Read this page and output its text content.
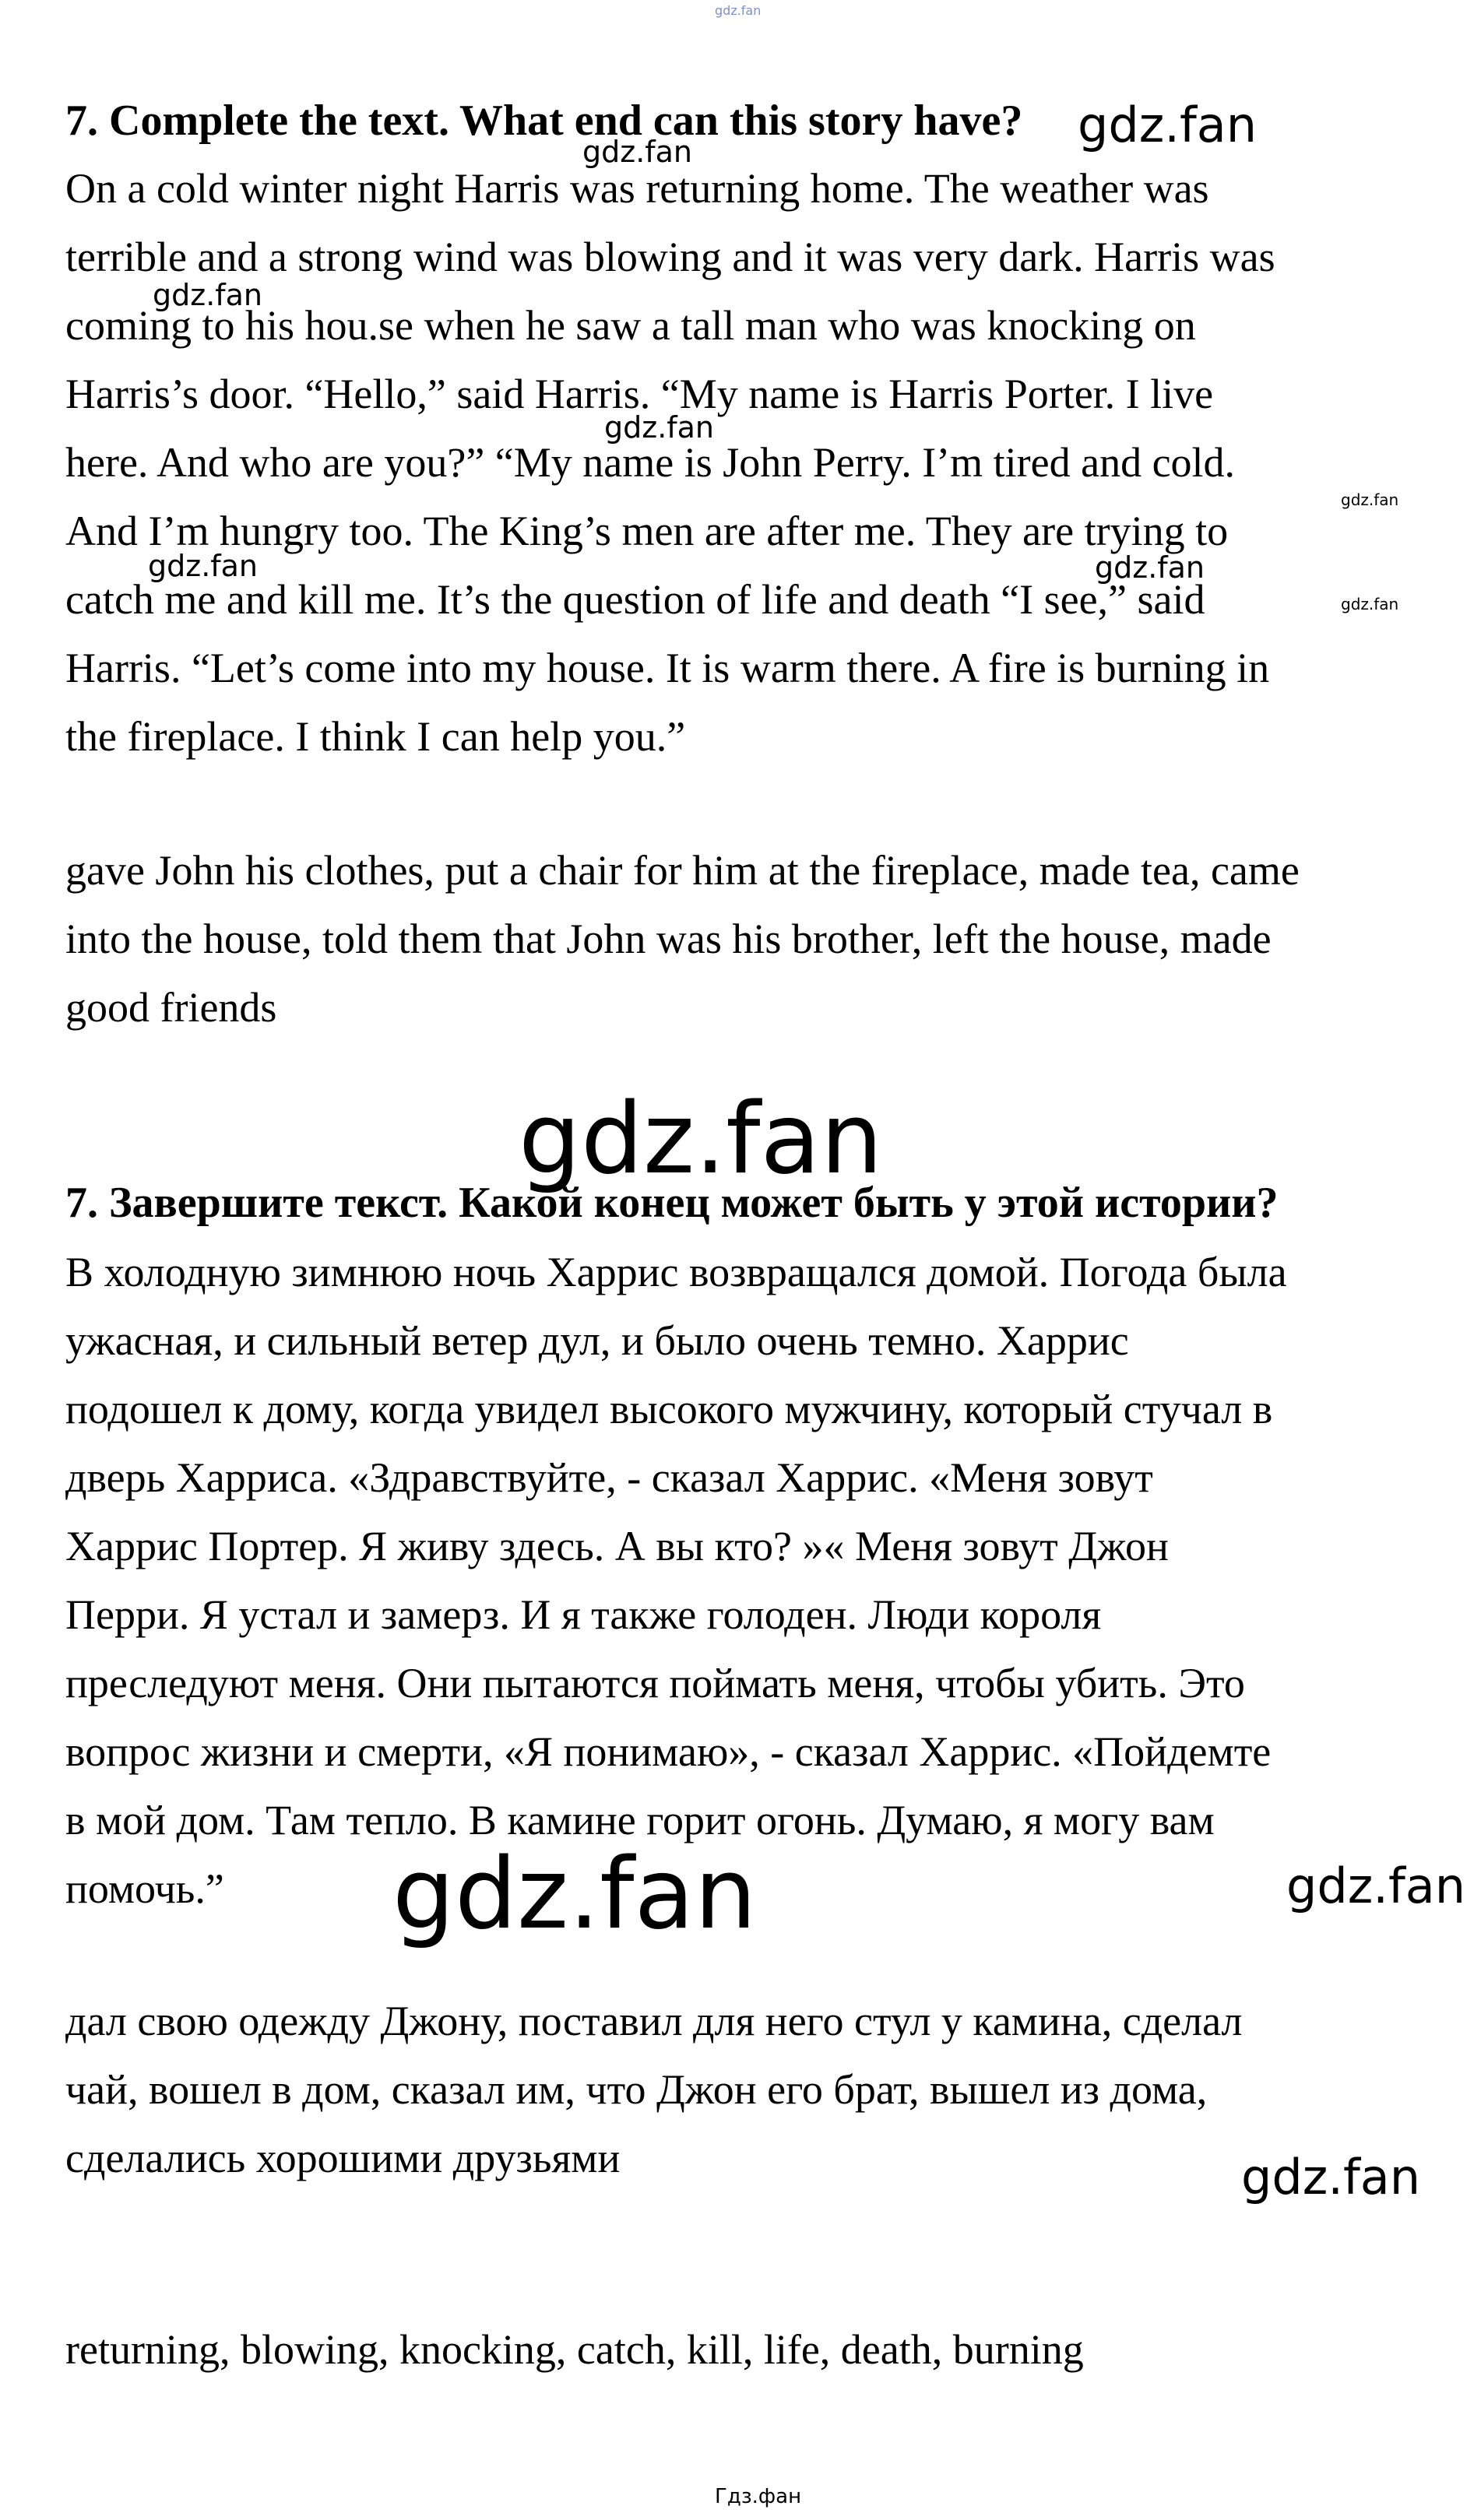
gdz.fan
7. Complete the text. What end can this story have?
On a cold winter night Harris was returning home. The weather was
terrible and a strong wind was blowing and it was very dark. Harris was
coming to his hou.se when he saw a tall man who was knocking on
Harris’s door. “Hello,” said Harris. “My name is Harris Porter. I live
here. And who are you?” “My name is John Perry. I’m tired and cold.
And I’m hungry too. The King’s men are after me. They are trying to
catch me and kill me. It’s the question of life and death “I see,” said
Harris. “Let’s come into my house. It is warm there. A fire is burning in
the fireplace. I think I can help you.”
gave John his clothes, put a chair for him at the fireplace, made tea, came
into the house, told them that John was his brother, left the house, made
good friends
7. Завершите текст. Какой конец может быть у этой истории?
В холодную зимнюю ночь Харрис возвращался домой. Погода была
ужасная, и сильный ветер дул, и было очень темно. Харрис
подошел к дому, когда увидел высокого мужчину, который стучал в
дверь Харриса. «Здравствуйте, - сказал Харрис. «Меня зовут
Харрис Портер. Я живу здесь. А вы кто? »« Меня зовут Джон
Перри. Я устал и замерз. И я также голоден. Люди короля
преследуют меня. Они пытаются поймать меня, чтобы убить. Это
вопрос жизни и смерти, «Я понимаю», - сказал Харрис. «Пойдемте
в мой дом. Там тепло. В камине горит огонь. Думаю, я могу вам
помочь.”
дал свою одежду Джону, поставил для него стул у камина, сделал
чай, вошел в дом, сказал им, что Джон его брат, вышел из дома,
сделались хорошими друзьями
returning, blowing, knocking, catch, kill, life, death, burning
gdz.fan
gdz.fan
gdz.fan
gdz.fan
gdz.fan
gdz.fan	gdz.fan
gdz.fan
gdz.fan
gdz.fan	gdz.fan
gdz.fan
Гдз.фан
